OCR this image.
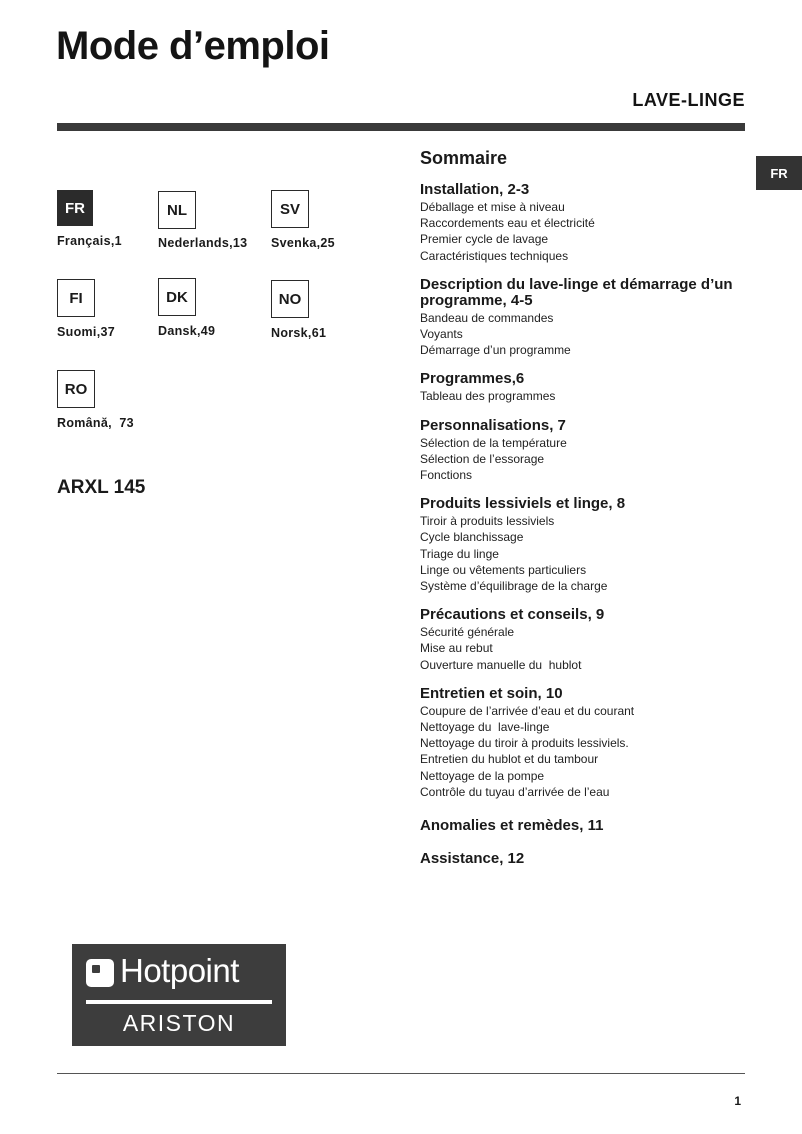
Mode d’emploi
LAVE-LINGE
FR
FR
Français,1
NL
Nederlands,13
SV
Svenka,25
FI
Suomi,37
DK
Dansk,49
NO
Norsk,61
RO
Română,  73
ARXL 145
Sommaire
Installation, 2-3
Déballage et mise à niveau
Raccordements eau et électricité
Premier cycle de lavage
Caractéristiques techniques
Description du lave-linge et démarrage d’un programme, 4-5
Bandeau de commandes
Voyants
Démarrage d’un programme
Programmes,6
Tableau des programmes
Personnalisations, 7
Sélection de la température
Sélection de l’essorage
Fonctions
Produits lessiviels et linge, 8
Tiroir à produits lessiviels
Cycle blanchissage
Triage du linge
Linge ou vêtements particuliers
Système d’équilibrage de la charge
Précautions et conseils, 9
Sécurité générale
Mise au rebut
Ouverture manuelle du  hublot
Entretien et soin, 10
Coupure de l’arrivée d’eau et du courant
Nettoyage du  lave-linge
Nettoyage du tiroir à produits lessiviels.
Entretien du hublot et du tambour
Nettoyage de la pompe
Contrôle du tuyau d’arrivée de l’eau
Anomalies et remèdes, 11
Assistance, 12
Hotpoint
ARISTON
1
